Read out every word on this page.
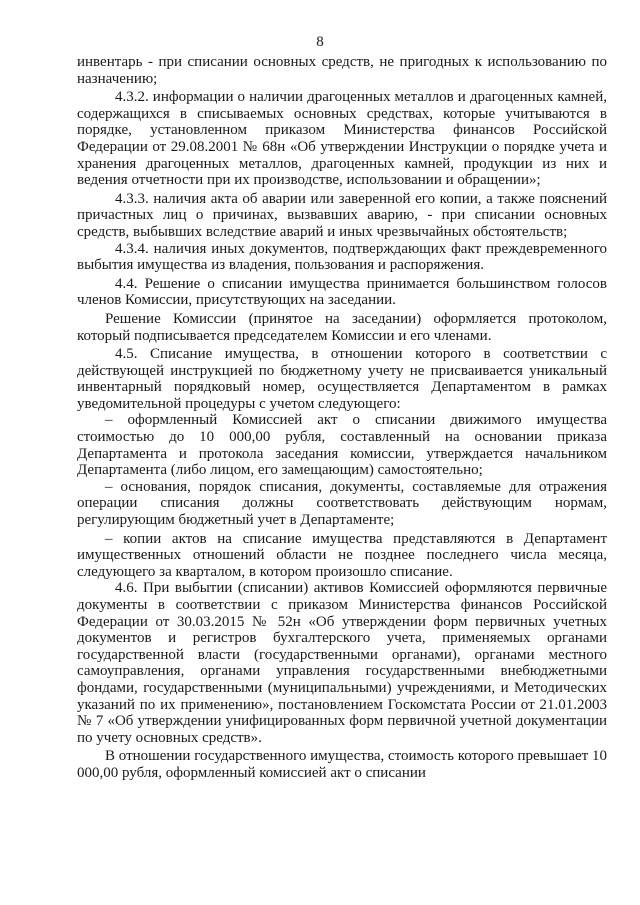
8

инвентарь - при списании основных средств, не пригодных к использованию по назначению;

4.3.2. информации о наличии драгоценных металлов и драгоценных камней, содержащихся в списываемых основных средствах, которые учитываются в порядке, установленном приказом Министерства финансов Российской Федерации от 29.08.2001 № 68н «Об утверждении Инструкции о порядке учета и хранения драгоценных металлов, драгоценных камней, продукции из них и ведения отчетности при их производстве, использовании и обращении»;

4.3.3. наличия акта об аварии или заверенной его копии, а также пояснений причастных лиц о причинах, вызвавших аварию, - при списании основных средств, выбывших вследствие аварий и иных чрезвычайных обстоятельств;

4.3.4. наличия иных документов, подтверждающих факт преждевременного выбытия имущества из владения, пользования и распоряжения.

4.4. Решение о списании имущества принимается большинством голосов членов Комиссии, присутствующих на заседании.

Решение Комиссии (принятое на заседании) оформляется протоколом, который подписывается председателем Комиссии и его членами.

4.5. Списание имущества, в отношении которого в соответствии с действующей инструкцией по бюджетному учету не присваивается уникальный инвентарный порядковый номер, осуществляется Департаментом в рамках уведомительной процедуры с учетом следующего:

– оформленный Комиссией акт о списании движимого имущества стоимостью до 10 000,00 рубля, составленный на основании приказа Департамента и протокола заседания комиссии, утверждается начальником Департамента (либо лицом, его замещающим) самостоятельно;

– основания, порядок списания, документы, составляемые для отражения операции списания должны соответствовать действующим нормам, регулирующим бюджетный учет в Департаменте;

– копии актов на списание имущества представляются в Департамент имущественных отношений области не позднее последнего числа месяца, следующего за кварталом, в котором произошло списание.

4.6. При выбытии (списании) активов Комиссией оформляются первичные документы в соответствии с приказом Министерства финансов Российской Федерации от 30.03.2015 № 52н «Об утверждении форм первичных учетных документов и регистров бухгалтерского учета, применяемых органами государственной власти (государственными органами), органами местного самоуправления, органами управления государственными внебюджетными фондами, государственными (муниципальными) учреждениями, и Методических указаний по их применению», постановлением Госкомстата России от 21.01.2003 № 7 «Об утверждении унифицированных форм первичной учетной документации по учету основных средств».

В отношении государственного имущества, стоимость которого превышает 10 000,00 рубля, оформленный комиссией акт о списании
